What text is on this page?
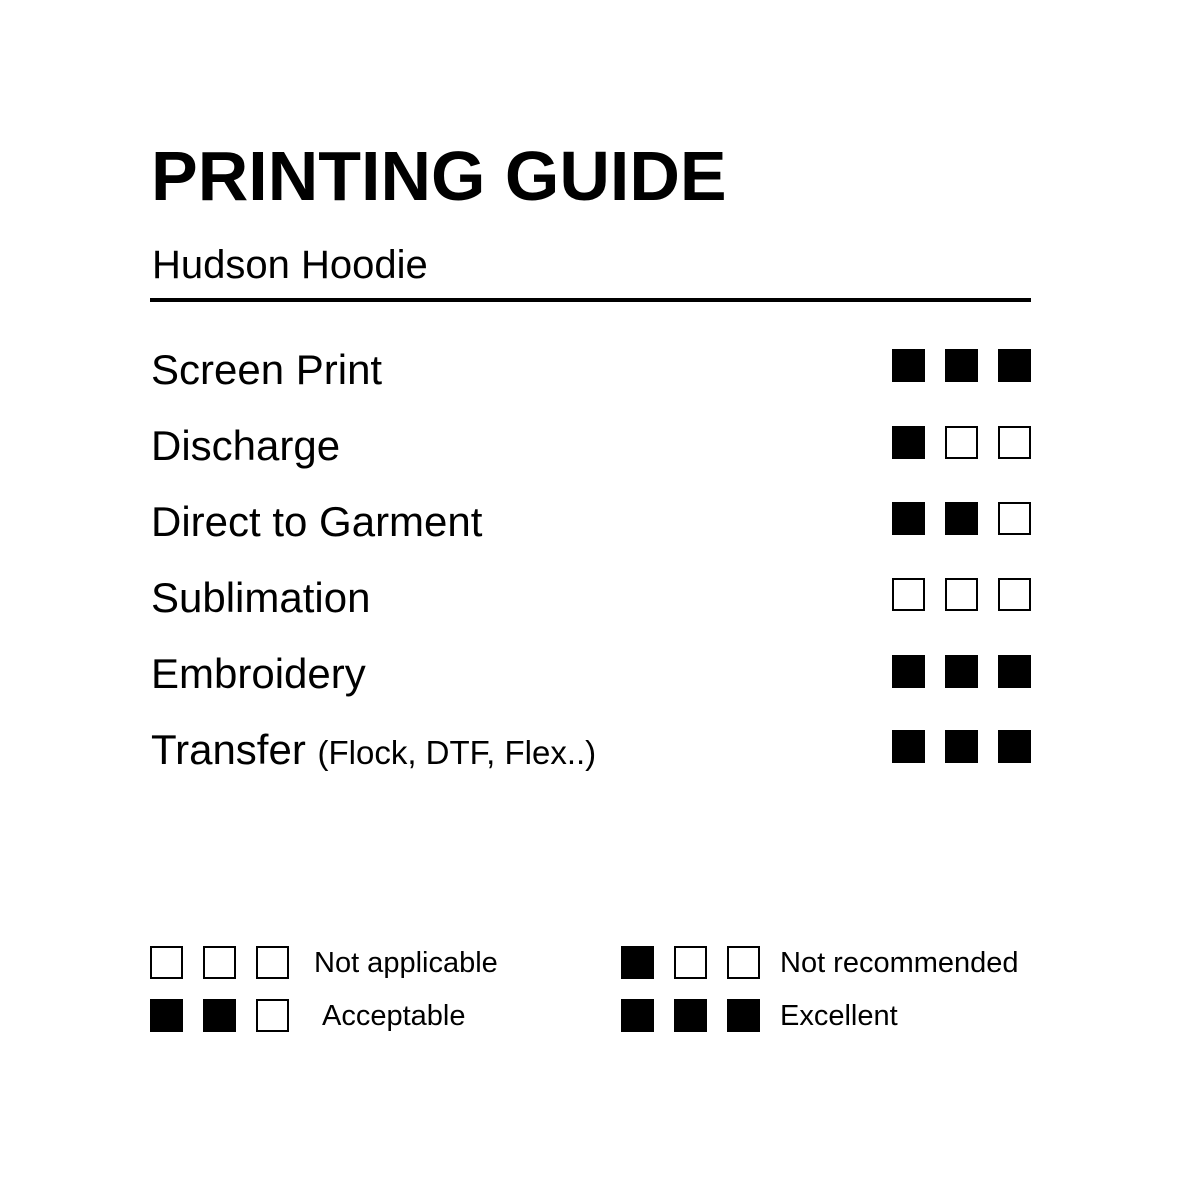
PRINTING GUIDE
Hudson Hoodie
Screen Print
Discharge
Direct to Garment
Sublimation
Embroidery
Transfer (Flock, DTF, Flex..)
Not applicable	Not recommended
Acceptable	Excellent
